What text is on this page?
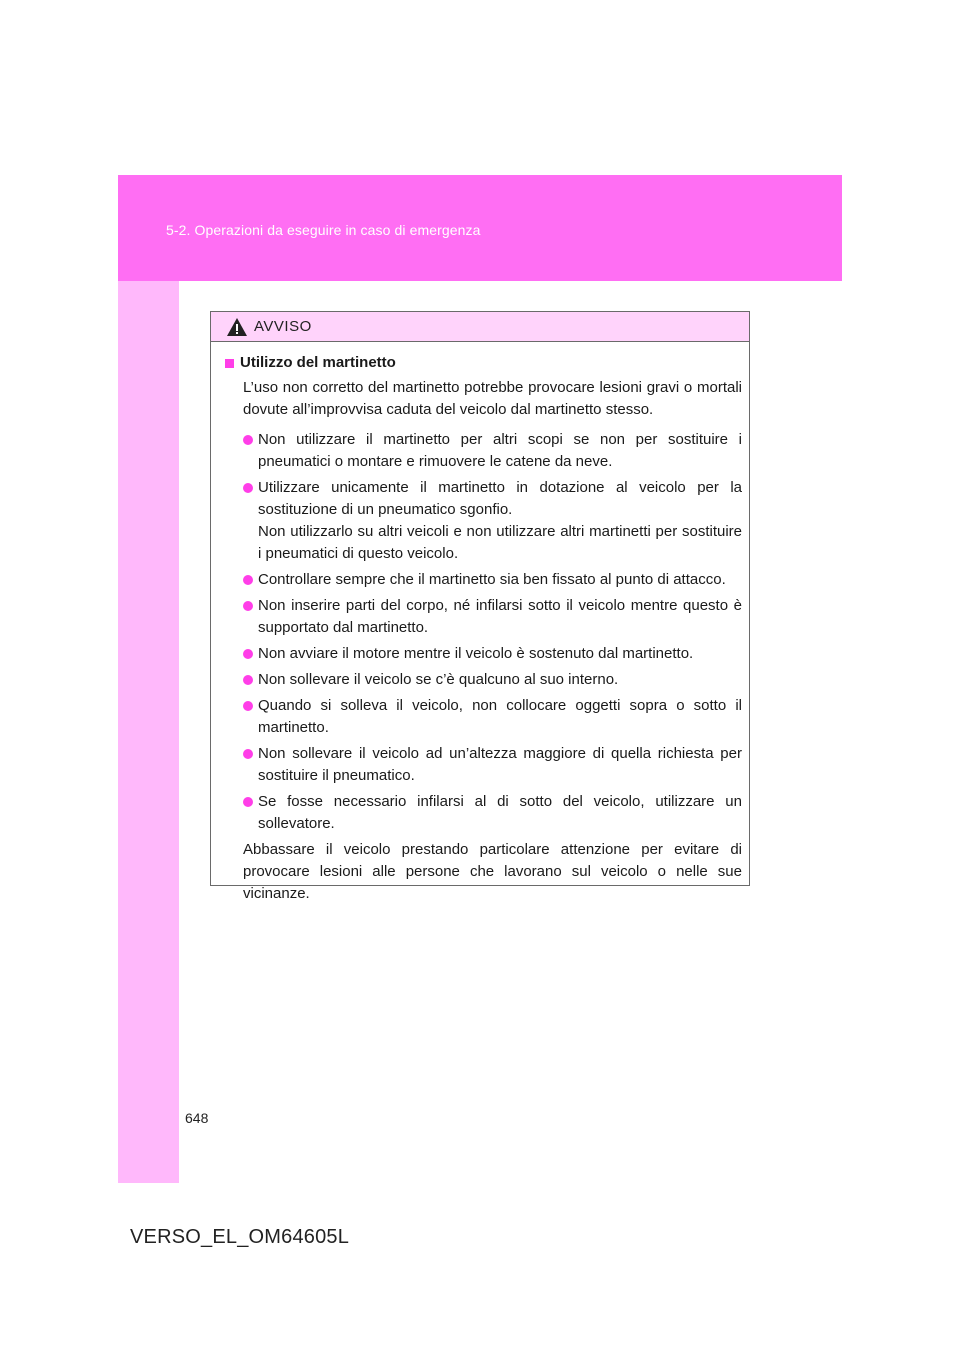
5-2. Operazioni da eseguire in caso di emergenza
AVVISO
Utilizzo del martinetto

L’uso non corretto del martinetto potrebbe provocare lesioni gravi o mortali dovute all’improvvisa caduta del veicolo dal martinetto stesso.

Non utilizzare il martinetto per altri scopi se non per sostituire i pneumatici o montare e rimuovere le catene da neve.
Utilizzare unicamente il martinetto in dotazione al veicolo per la sostituzione di un pneumatico sgonfio.
Non utilizzarlo su altri veicoli e non utilizzare altri martinetti per sostituire i pneumatici di questo veicolo.
Controllare sempre che il martinetto sia ben fissato al punto di attacco.
Non inserire parti del corpo, né infilarsi sotto il veicolo mentre questo è supportato dal martinetto.
Non avviare il motore mentre il veicolo è sostenuto dal martinetto.
Non sollevare il veicolo se c’è qualcuno al suo interno.
Quando si solleva il veicolo, non collocare oggetti sopra o sotto il martinetto.
Non sollevare il veicolo ad un’altezza maggiore di quella richiesta per sostituire il pneumatico.
Se fosse necessario infilarsi al di sotto del veicolo, utilizzare un sollevatore.

Abbassare il veicolo prestando particolare attenzione per evitare di provocare lesioni alle persone che lavorano sul veicolo o nelle sue vicinanze.

648
VERSO_EL_OM64605L
